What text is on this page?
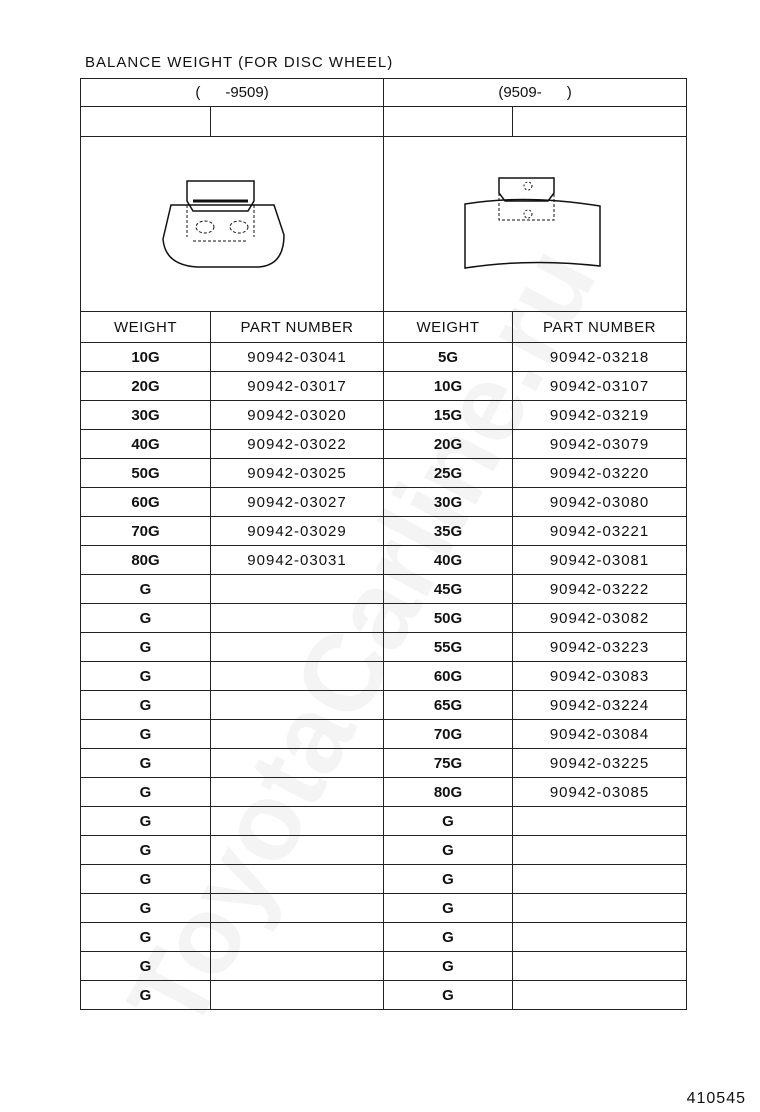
BALANCE WEIGHT (FOR DISC WHEEL)
(      -9509)		(9509-      )	

WEIGHT	PART NUMBER	WEIGHT	PART NUMBER
10G	90942-03041	5G	90942-03218
20G	90942-03017	10G	90942-03107
30G	90942-03020	15G	90942-03219
40G	90942-03022	20G	90942-03079
50G	90942-03025	25G	90942-03220
60G	90942-03027	30G	90942-03080
70G	90942-03029	35G	90942-03221
80G	90942-03031	40G	90942-03081
G		45G	90942-03222
G		50G	90942-03082
G		55G	90942-03223
G		60G	90942-03083
G		65G	90942-03224
G		70G	90942-03084
G		75G	90942-03225
G		80G	90942-03085
G		G	
G		G	
G		G	
G		G	
G		G	
G		G	
G		G	
410545
